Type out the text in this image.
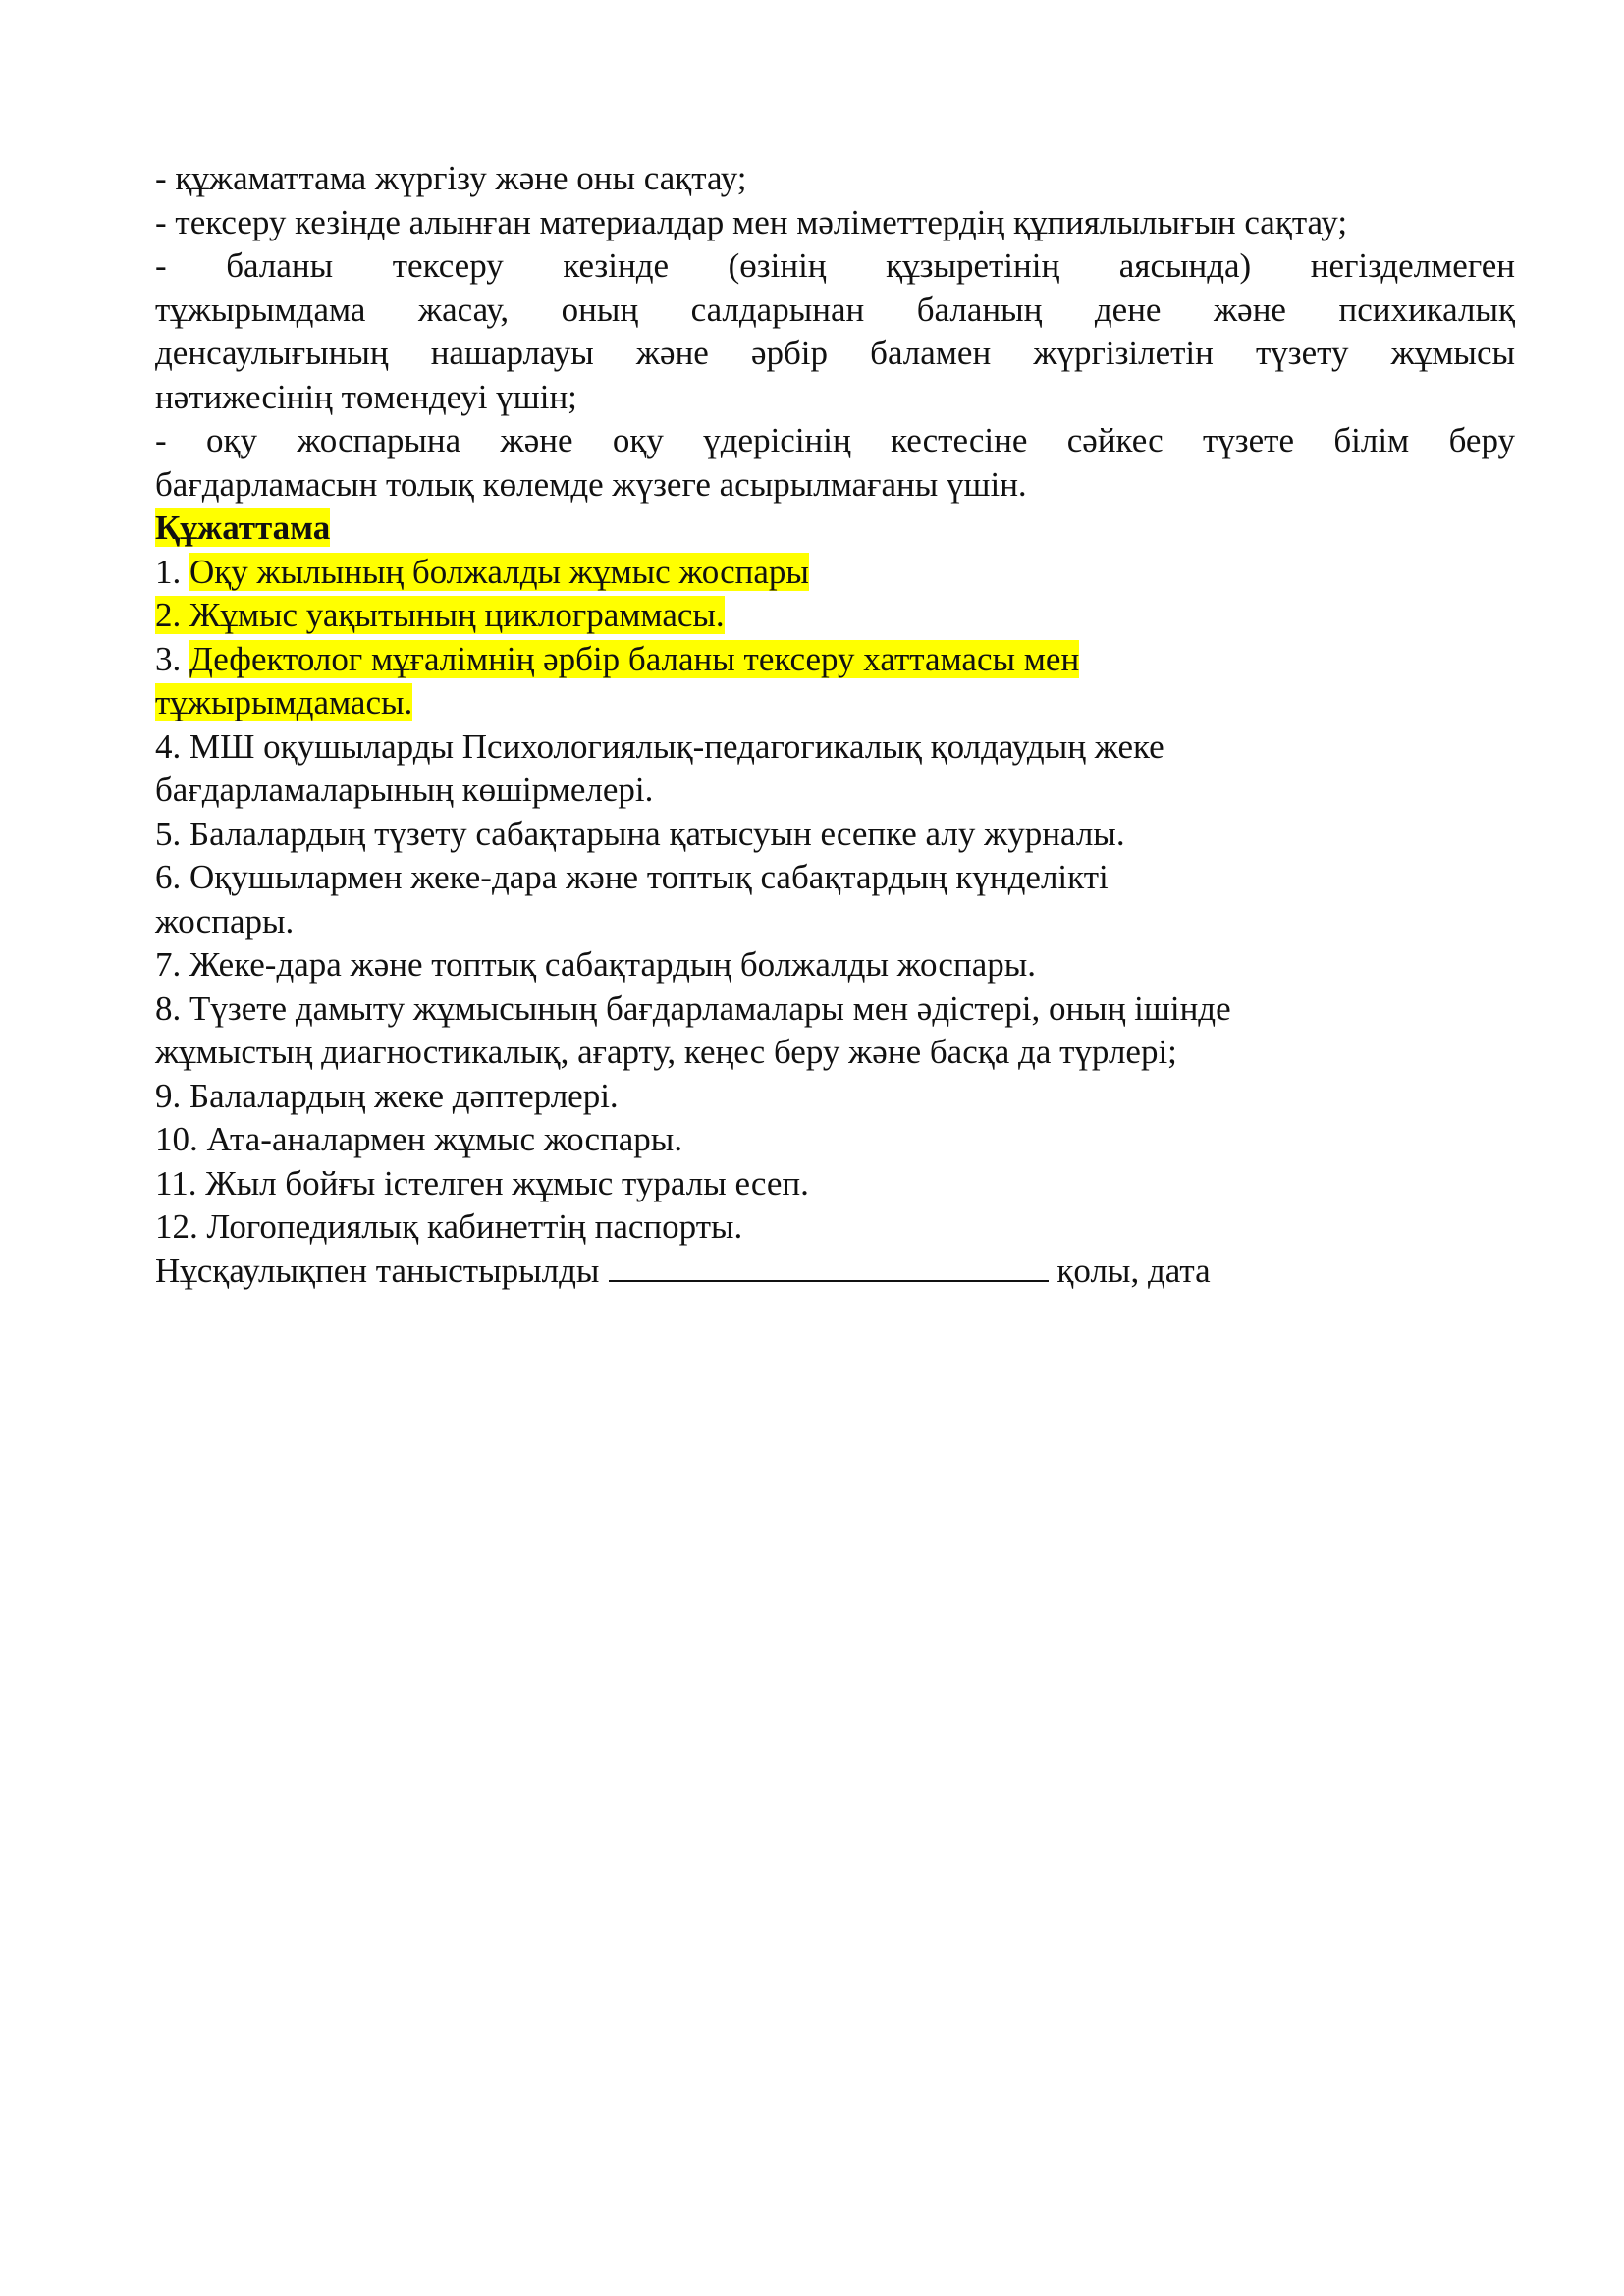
- құжаматтама жүргізу және оны сақтау;
- тексеру кезінде алынған материалдар мен мәліметтердің құпиялылығын сақтау;
- баланы тексеру кезінде (өзінің құзыретінің аясында) негізделмеген
тұжырымдама жасау, оның салдарынан баланың дене және психикалық
денсаулығының нашарлауы және әрбір баламен жүргізілетін түзету жұмысы
нәтижесінің төмендеуі үшін;
- оқу жоспарына және оқу үдерісінің кестесіне сәйкес түзете білім беру
бағдарламасын толық көлемде жүзеге асырылмағаны үшін.
Құжаттама
1. Оқу жылының болжалды жұмыс жоспары
2. Жұмыс уақытының циклограммасы.
3. Дефектолог мұғалімнің әрбір баланы тексеру хаттамасы мен
тұжырымдамасы.
4. МШ оқушыларды Психологиялық-педагогикалық қолдаудың жеке
бағдарламаларының көшірмелері.
5. Балалардың түзету сабақтарына қатысуын есепке алу журналы.
6. Оқушылармен жеке-дара және топтық сабақтардың күнделікті
жоспары.
7. Жеке-дара және топтық сабақтардың болжалды жоспары.
8. Түзете дамыту жұмысының бағдарламалары мен әдістері, оның ішінде
жұмыстың диагностикалық, ағарту, кеңес беру және басқа да түрлері;
9. Балалардың жеке дәптерлері.
10. Ата-аналармен жұмыс жоспары.
11. Жыл бойғы істелген жұмыс туралы есеп.
12. Логопедиялық кабинеттің паспорты.
Нұсқаулықпен таныстырылды	қолы, дата
